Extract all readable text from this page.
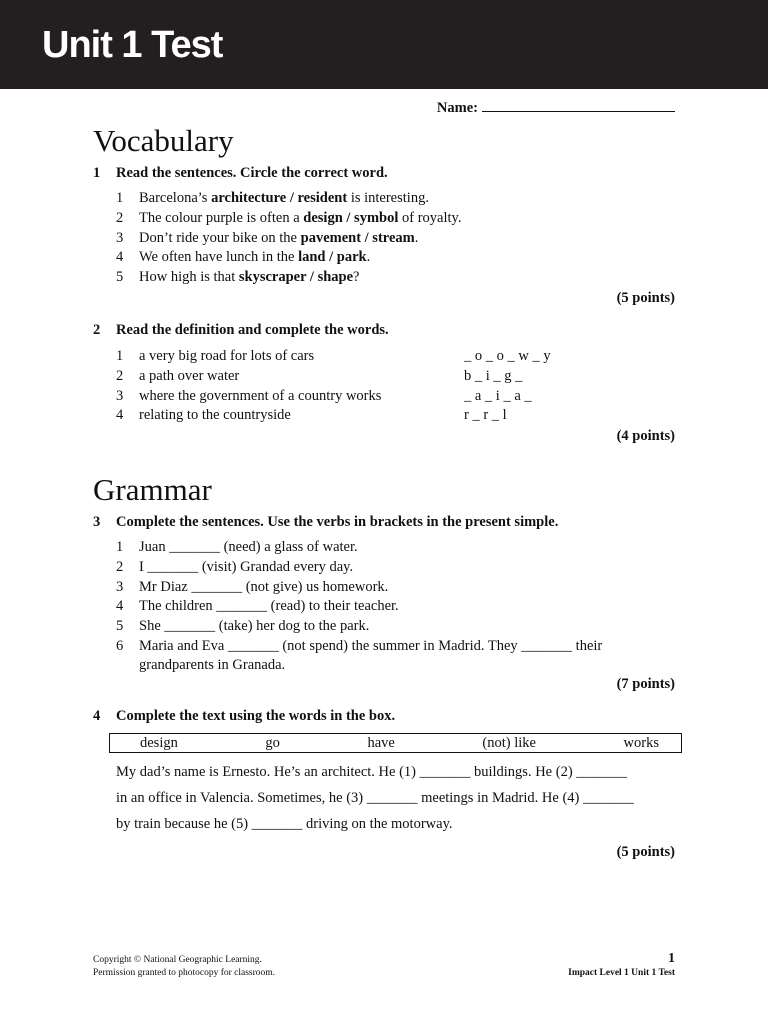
Unit 1 Test
Name:
Vocabulary
1 Read the sentences. Circle the correct word.
1 Barcelona’s architecture / resident is interesting.
2 The colour purple is often a design / symbol of royalty.
3 Don’t ride your bike on the pavement / stream.
4 We often have lunch in the land / park.
5 How high is that skyscraper / shape?
(5 points)
2 Read the definition and complete the words.
1 a very big road for lots of cars	_ o _ o _ w _ y
2 a path over water	b _ i _ g _
3 where the government of a country works	_ a _ i _ a _
4 relating to the countryside	r _ r _ l
(4 points)
Grammar
3 Complete the sentences. Use the verbs in brackets in the present simple.
1 Juan _______ (need) a glass of water.
2 I _______ (visit) Grandad every day.
3 Mr Diaz _______ (not give) us homework.
4 The children _______ (read) to their teacher.
5 She _______ (take) her dog to the park.
6 Maria and Eva _______ (not spend) the summer in Madrid. They _______ their
grandparents in Granada.
(7 points)
4 Complete the text using the words in the box.
design	go	have	(not) like	works

My dad’s name is Ernesto. He’s an architect. He (1) _______ buildings. He (2) _______

in an office in Valencia. Sometimes, he (3) _______ meetings in Madrid. He (4) _______

by train because he (5) _______ driving on the motorway.

(5 points)
Copyright © National Geographic Learning.
Permission granted to photocopy for classroom.
1
Impact Level 1 Unit 1 Test
